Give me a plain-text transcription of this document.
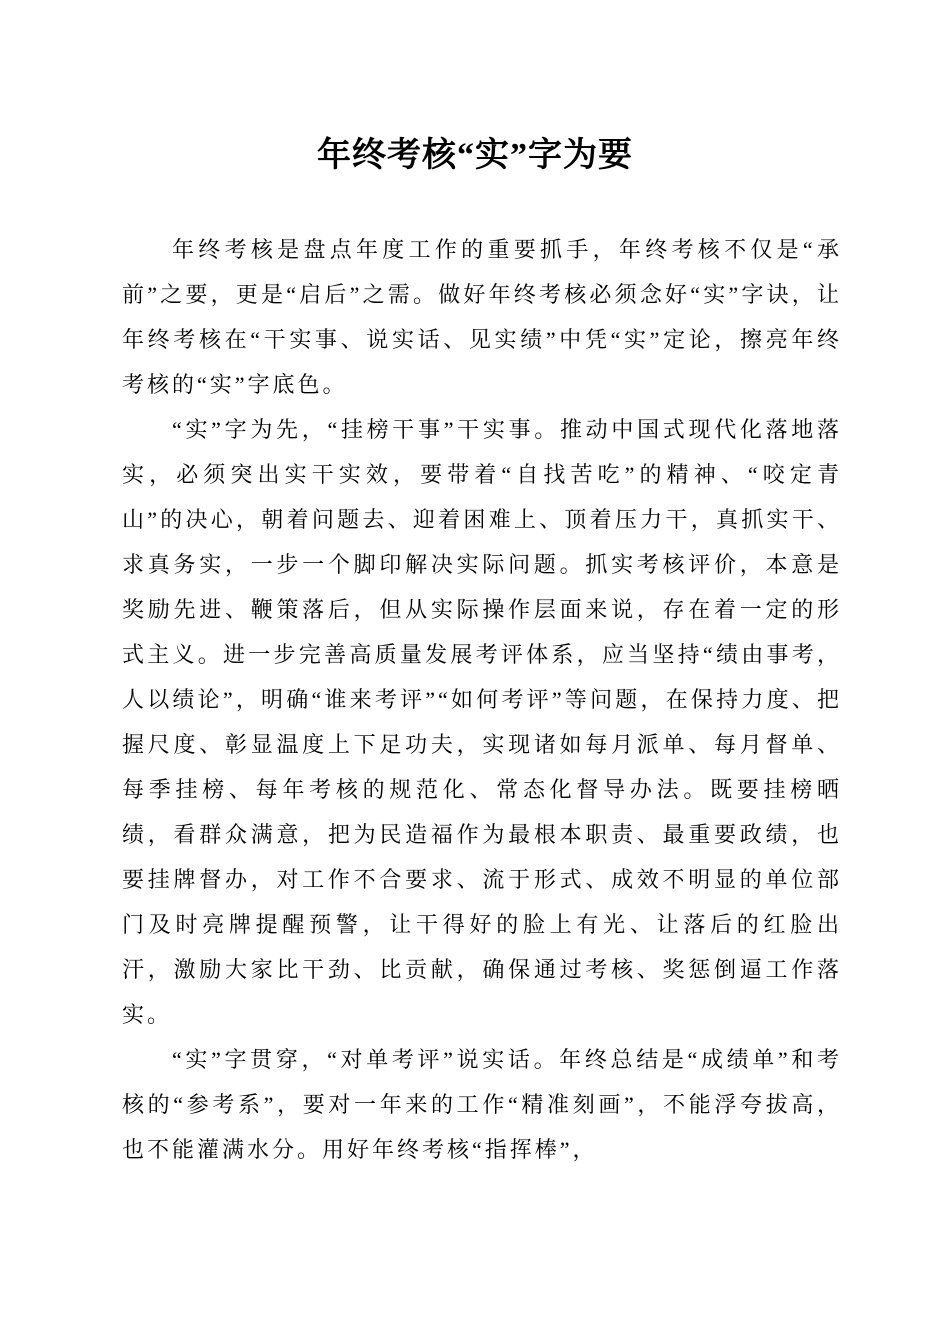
年终考核“实”字为要

年终考核是盘点年度工作的重要抓手，年终考核不仅是“承前”之要，更是“启后”之需。做好年终考核必须念好“实”字诀，让年终考核在“干实事、说实话、见实绩”中凭“实”定论，擦亮年终考核的“实”字底色。

“实”字为先，“挂榜干事”干实事。推动中国式现代化落地落实，必须突出实干实效，要带着“自找苦吃”的精神、“咬定青山”的决心，朝着问题去、迎着困难上、顶着压力干，真抓实干、求真务实，一步一个脚印解决实际问题。抓实考核评价，本意是奖励先进、鞭策落后，但从实际操作层面来说，存在着一定的形式主义。进一步完善高质量发展考评体系，应当坚持“绩由事考，人以绩论”，明确“谁来考评”“如何考评”等问题，在保持力度、把握尺度、彰显温度上下足功夫，实现诸如每月派单、每月督单、每季挂榜、每年考核的规范化、常态化督导办法。既要挂榜晒绩，看群众满意，把为民造福作为最根本职责、最重要政绩，也要挂牌督办，对工作不合要求、流于形式、成效不明显的单位部门及时亮牌提醒预警，让干得好的脸上有光、让落后的红脸出汗，激励大家比干劲、比贡献，确保通过考核、奖惩倒逼工作落实。

“实”字贯穿，“对单考评”说实话。年终总结是“成绩单”和考核的“参考系”，要对一年来的工作“精准刻画”，不能浮夸拔高，也不能灌满水分。用好年终考核“指挥棒”，
